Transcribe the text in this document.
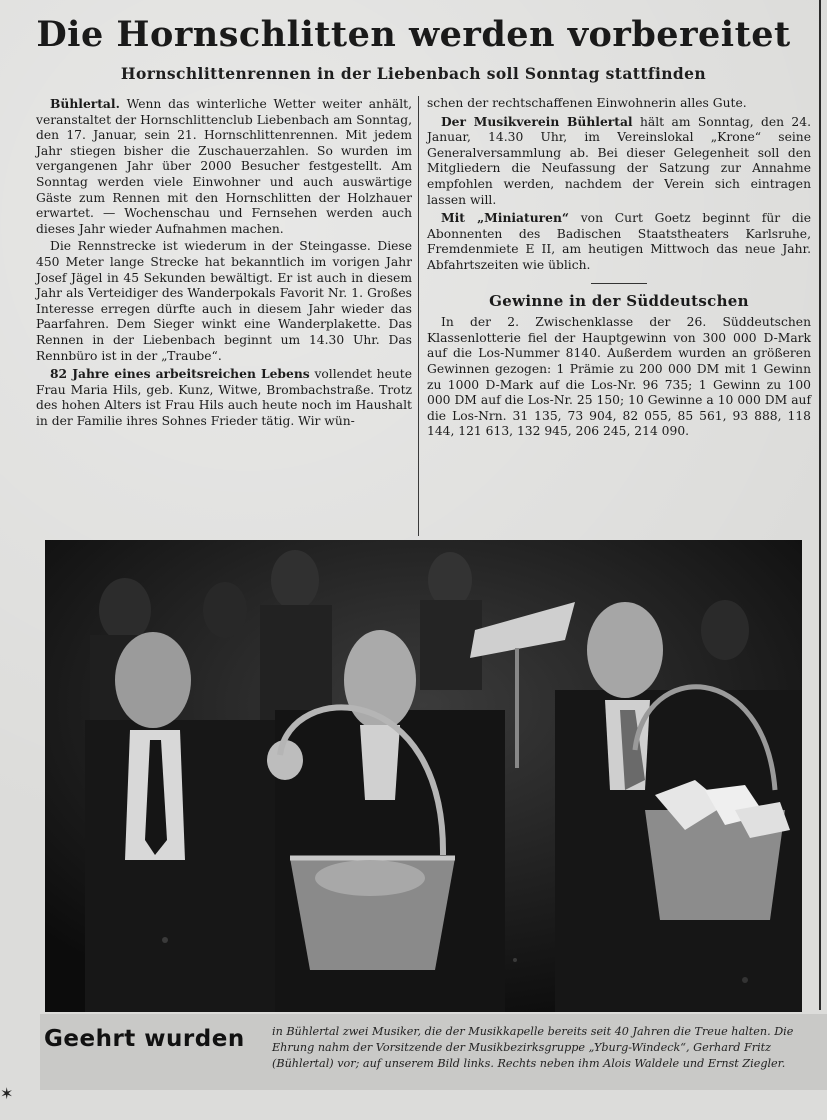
Die Hornschlitten werden vorbereitet
Hornschlittenrennen in der Liebenbach soll Sonntag stattfinden

Bühlertal. Wenn das winterliche Wetter weiter anhält, veranstaltet der Hornschlittenclub Liebenbach am Sonntag, den 17. Januar, sein 21. Hornschlittenrennen. Mit jedem Jahr stiegen bisher die Zuschauerzahlen. So wurden im vergangenen Jahr über 2000 Besucher festgestellt. Am Sonntag werden viele Einwohner und auch auswärtige Gäste zum Rennen mit den Hornschlitten der Holzhauer erwartet. — Wochenschau und Fernsehen werden auch dieses Jahr wieder Aufnahmen machen.

Die Rennstrecke ist wiederum in der Steingasse. Diese 450 Meter lange Strecke hat bekanntlich im vorigen Jahr Josef Jägel in 45 Sekunden bewältigt. Er ist auch in diesem Jahr als Verteidiger des Wanderpokals Favorit Nr. 1. Großes Interesse erregen dürfte auch in diesem Jahr wieder das Paarfahren. Dem Sieger winkt eine Wanderplakette. Das Rennen in der Liebenbach beginnt um 14.30 Uhr. Das Rennbüro ist in der „Traube“.

82 Jahre eines arbeitsreichen Lebens vollendet heute Frau Maria Hils, geb. Kunz, Witwe, Brombachstraße. Trotz des hohen Alters ist Frau Hils auch heute noch im Haushalt in der Familie ihres Sohnes Frieder tätig. Wir wün-

schen der rechtschaffenen Einwohnerin alles Gute.

Der Musikverein Bühlertal hält am Sonntag, den 24. Januar, 14.30 Uhr, im Vereinslokal „Krone“ seine Generalversammlung ab. Bei dieser Gelegenheit soll den Mitgliedern die Neufassung der Satzung zur Annahme empfohlen werden, nachdem der Verein sich eintragen lassen will.

Mit „Miniaturen“ von Curt Goetz beginnt für die Abonnenten des Badischen Staatstheaters Karlsruhe, Fremdenmiete E II, am heutigen Mittwoch das neue Jahr. Abfahrtszeiten wie üblich.

Gewinne in der Süddeutschen

In der 2. Zwischenklasse der 26. Süddeutschen Klassenlotterie fiel der Hauptgewinn von 300 000 D-Mark auf die Los-Nummer 8140. Außerdem wurden an größeren Gewinnen gezogen: 1 Prämie zu 200 000 DM mit 1 Gewinn zu 1000 D-Mark auf die Los-Nr. 96 735; 1 Gewinn zu 100 000 DM auf die Los-Nr. 25 150; 10 Gewinne a 10 000 DM auf die Los-Nrn. 31 135, 73 904, 82 055, 85 561, 93 888, 118 144, 121 613, 132 945, 206 245, 214 090.

Geehrt wurden in Bühlertal zwei Musiker, die der Musikkapelle bereits seit 40 Jahren die Treue halten. Die Ehrung nahm der Vorsitzende der Musikbezirksgruppe „Yburg-Windeck“, Gerhard Fritz (Bühlertal) vor; auf unserem Bild links. Rechts neben ihm Alois Waldele und Ernst Ziegler.
✶
